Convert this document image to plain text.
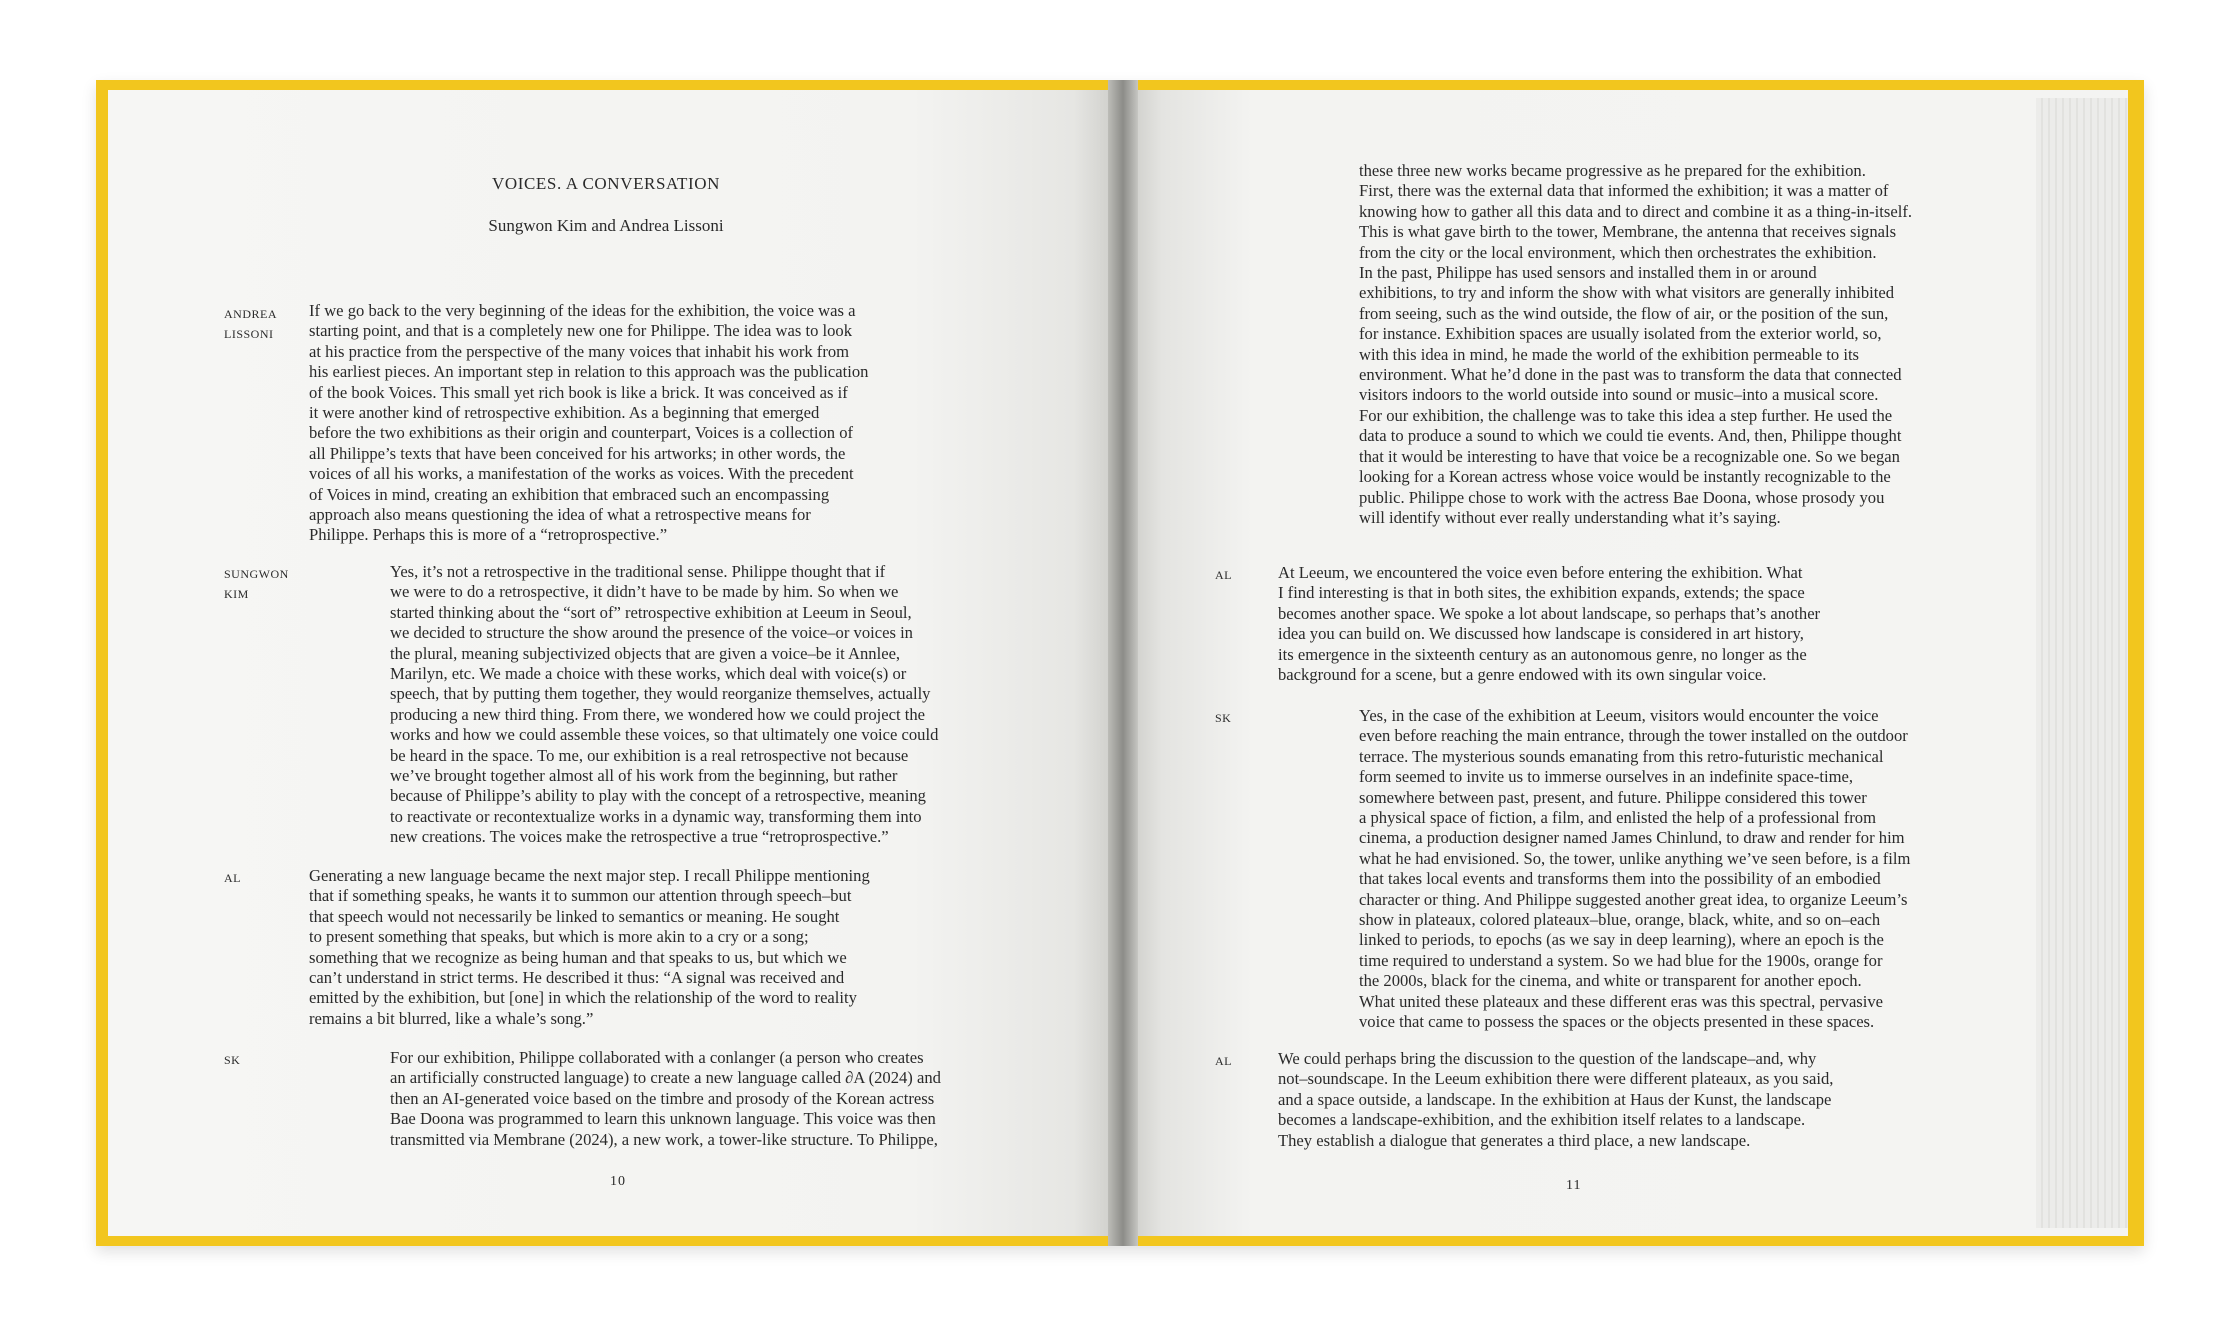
VOICES. A CONVERSATION
Sungwon Kim and Andrea Lissoni
ANDREA
LISSONI
If we go back to the very beginning of the ideas for the exhibition, the voice was a
starting point, and that is a completely new one for Philippe. The idea was to look
at his practice from the perspective of the many voices that inhabit his work from
his earliest pieces. An important step in relation to this approach was the publication
of the book Voices. This small yet rich book is like a brick. It was conceived as if
it were another kind of retrospective exhibition. As a beginning that emerged
before the two exhibitions as their origin and counterpart, Voices is a collection of
all Philippe’s texts that have been conceived for his artworks; in other words, the
voices of all his works, a manifestation of the works as voices. With the precedent
of Voices in mind, creating an exhibition that embraced such an encompassing
approach also means questioning the idea of what a retrospective means for
Philippe. Perhaps this is more of a “retroprospective.”
SUNGWON
KIM
Yes, it’s not a retrospective in the traditional sense. Philippe thought that if
we were to do a retrospective, it didn’t have to be made by him. So when we
started thinking about the “sort of” retrospective exhibition at Leeum in Seoul,
we decided to structure the show around the presence of the voice–or voices in
the plural, meaning subjectivized objects that are given a voice–be it Annlee,
Marilyn, etc. We made a choice with these works, which deal with voice(s) or
speech, that by putting them together, they would reorganize themselves, actually
producing a new third thing. From there, we wondered how we could project the
works and how we could assemble these voices, so that ultimately one voice could
be heard in the space. To me, our exhibition is a real retrospective not because
we’ve brought together almost all of his work from the beginning, but rather
because of Philippe’s ability to play with the concept of a retrospective, meaning
to reactivate or recontextualize works in a dynamic way, transforming them into
new creations. The voices make the retrospective a true “retroprospective.”
AL	Generating a new language became the next major step. I recall Philippe mentioning
that if something speaks, he wants it to summon our attention through speech–but
that speech would not necessarily be linked to semantics or meaning. He sought
to present something that speaks, but which is more akin to a cry or a song;
something that we recognize as being human and that speaks to us, but which we
can’t understand in strict terms. He described it thus: “A signal was received and
emitted by the exhibition, but [one] in which the relationship of the word to reality
remains a bit blurred, like a whale’s song.”
SK	For our exhibition, Philippe collaborated with a conlanger (a person who creates
an artificially constructed language) to create a new language called ∂A (2024) and
then an AI-generated voice based on the timbre and prosody of the Korean actress
Bae Doona was programmed to learn this unknown language. This voice was then
transmitted via Membrane (2024), a new work, a tower-like structure. To Philippe,
10
these three new works became progressive as he prepared for the exhibition.
First, there was the external data that informed the exhibition; it was a matter of
knowing how to gather all this data and to direct and combine it as a thing-in-itself.
This is what gave birth to the tower, Membrane, the antenna that receives signals
from the city or the local environment, which then orchestrates the exhibition.
In the past, Philippe has used sensors and installed them in or around
exhibitions, to try and inform the show with what visitors are generally inhibited
from seeing, such as the wind outside, the flow of air, or the position of the sun,
for instance. Exhibition spaces are usually isolated from the exterior world, so,
with this idea in mind, he made the world of the exhibition permeable to its
environment. What he’d done in the past was to transform the data that connected
visitors indoors to the world outside into sound or music–into a musical score.
For our exhibition, the challenge was to take this idea a step further. He used the
data to produce a sound to which we could tie events. And, then, Philippe thought
that it would be interesting to have that voice be a recognizable one. So we began
looking for a Korean actress whose voice would be instantly recognizable to the
public. Philippe chose to work with the actress Bae Doona, whose prosody you
will identify without ever really understanding what it’s saying.
AL	At Leeum, we encountered the voice even before entering the exhibition. What
I find interesting is that in both sites, the exhibition expands, extends; the space
becomes another space. We spoke a lot about landscape, so perhaps that’s another
idea you can build on. We discussed how landscape is considered in art history,
its emergence in the sixteenth century as an autonomous genre, no longer as the
background for a scene, but a genre endowed with its own singular voice.
SK	Yes, in the case of the exhibition at Leeum, visitors would encounter the voice
even before reaching the main entrance, through the tower installed on the outdoor
terrace. The mysterious sounds emanating from this retro-futuristic mechanical
form seemed to invite us to immerse ourselves in an indefinite space-time,
somewhere between past, present, and future. Philippe considered this tower
a physical space of fiction, a film, and enlisted the help of a professional from
cinema, a production designer named James Chinlund, to draw and render for him
what he had envisioned. So, the tower, unlike anything we’ve seen before, is a film
that takes local events and transforms them into the possibility of an embodied
character or thing. And Philippe suggested another great idea, to organize Leeum’s
show in plateaux, colored plateaux–blue, orange, black, white, and so on–each
linked to periods, to epochs (as we say in deep learning), where an epoch is the
time required to understand a system. So we had blue for the 1900s, orange for
the 2000s, black for the cinema, and white or transparent for another epoch.
What united these plateaux and these different eras was this spectral, pervasive
voice that came to possess the spaces or the objects presented in these spaces.
AL	We could perhaps bring the discussion to the question of the landscape–and, why
not–soundscape. In the Leeum exhibition there were different plateaux, as you said,
and a space outside, a landscape. In the exhibition at Haus der Kunst, the landscape
becomes a landscape-exhibition, and the exhibition itself relates to a landscape.
They establish a dialogue that generates a third place, a new landscape.
11
